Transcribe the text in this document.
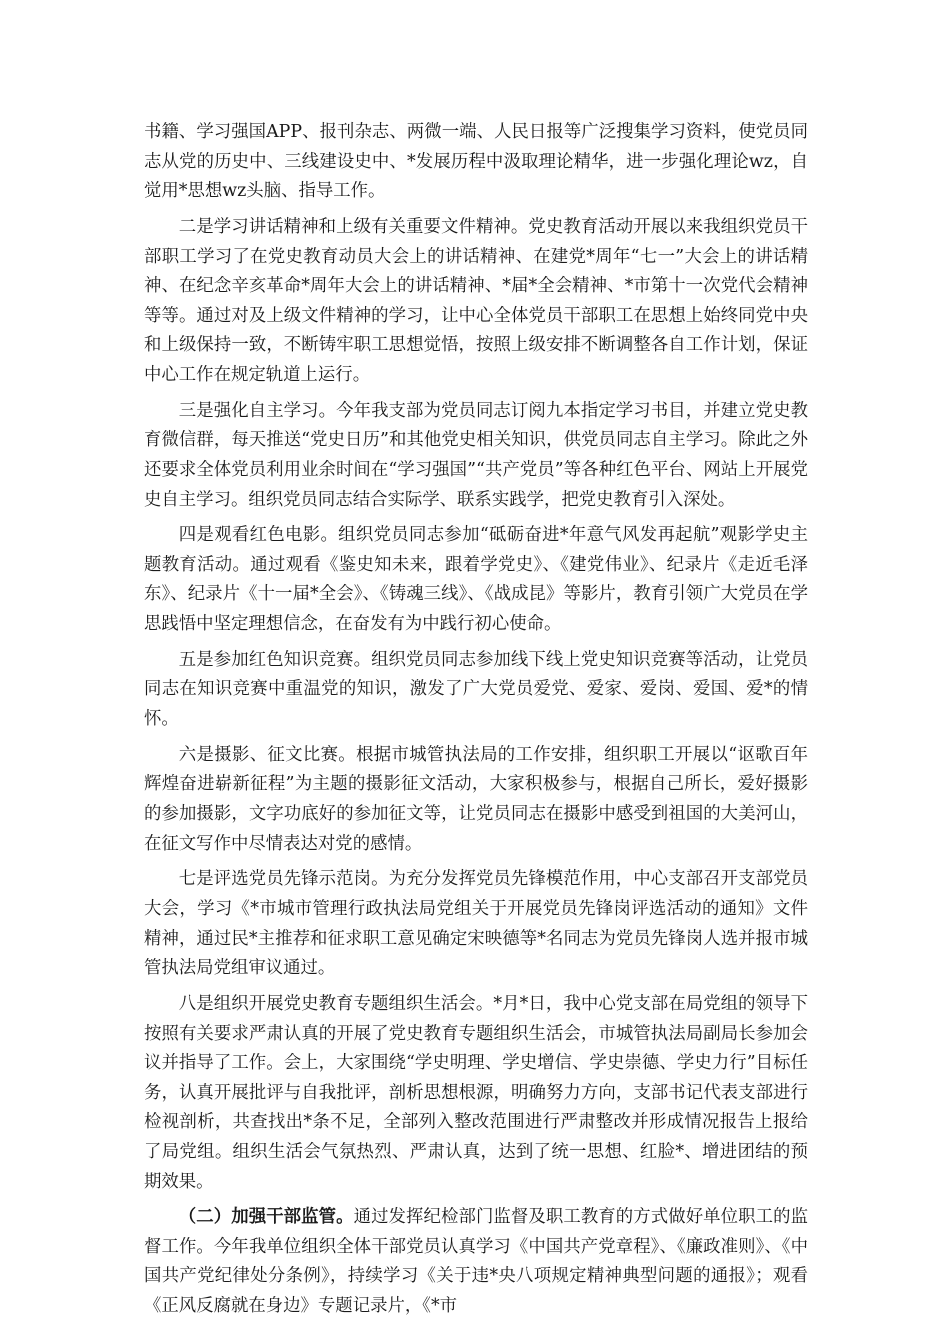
书籍、学习强国APP、报刊杂志、两微一端、人民日报等广泛搜集学习资料，使党员同志从党的历史中、三线建设史中、*发展历程中汲取理论精华，进一步强化理论wz，自觉用*思想wz头脑、指导工作。

二是学习讲话精神和上级有关重要文件精神。党史教育活动开展以来我组织党员干部职工学习了在党史教育动员大会上的讲话精神、在建党*周年“七一”大会上的讲话精神、在纪念辛亥革命*周年大会上的讲话精神、*届*全会精神、*市第十一次党代会精神等等。通过对及上级文件精神的学习，让中心全体党员干部职工在思想上始终同党中央和上级保持一致，不断铸牢职工思想觉悟，按照上级安排不断调整各自工作计划，保证中心工作在规定轨道上运行。

三是强化自主学习。今年我支部为党员同志订阅九本指定学习书目，并建立党史教育微信群，每天推送“党史日历”和其他党史相关知识，供党员同志自主学习。除此之外还要求全体党员利用业余时间在“学习强国”“共产党员”等各种红色平台、网站上开展党史自主学习。组织党员同志结合实际学、联系实践学，把党史教育引入深处。

四是观看红色电影。组织党员同志参加“砥砺奋进*年意气风发再起航”观影学史主题教育活动。通过观看《鉴史知未来，跟着学党史》、《建党伟业》、纪录片《走近毛泽东》、纪录片《十一届*全会》、《铸魂三线》、《战成昆》等影片，教育引领广大党员在学思践悟中坚定理想信念，在奋发有为中践行初心使命。

五是参加红色知识竞赛。组织党员同志参加线下线上党史知识竞赛等活动，让党员同志在知识竞赛中重温党的知识，激发了广大党员爱党、爱家、爱岗、爱国、爱*的情怀。

六是摄影、征文比赛。根据市城管执法局的工作安排，组织职工开展以“讴歌百年辉煌奋进崭新征程”为主题的摄影征文活动，大家积极参与，根据自己所长，爱好摄影的参加摄影，文字功底好的参加征文等，让党员同志在摄影中感受到祖国的大美河山，在征文写作中尽情表达对党的感情。

七是评选党员先锋示范岗。为充分发挥党员先锋模范作用，中心支部召开支部党员大会，学习《*市城市管理行政执法局党组关于开展党员先锋岗评选活动的通知》文件精神，通过民*主推荐和征求职工意见确定宋映德等*名同志为党员先锋岗人选并报市城管执法局党组审议通过。

八是组织开展党史教育专题组织生活会。*月*日，我中心党支部在局党组的领导下按照有关要求严肃认真的开展了党史教育专题组织生活会，市城管执法局副局长参加会议并指导了工作。会上，大家围绕“学史明理、学史增信、学史崇德、学史力行”目标任务，认真开展批评与自我批评，剖析思想根源，明确努力方向，支部书记代表支部进行检视剖析，共查找出*条不足，全部列入整改范围进行严肃整改并形成情况报告上报给了局党组。组织生活会气氛热烈、严肃认真，达到了统一思想、红脸*、增进团结的预期效果。

（二）加强干部监管。通过发挥纪检部门监督及职工教育的方式做好单位职工的监督工作。今年我单位组织全体干部党员认真学习《中国共产党章程》、《廉政准则》、《中国共产党纪律处分条例》，持续学习《关于违*央八项规定精神典型问题的通报》；观看《正风反腐就在身边》专题记录片，《*市
